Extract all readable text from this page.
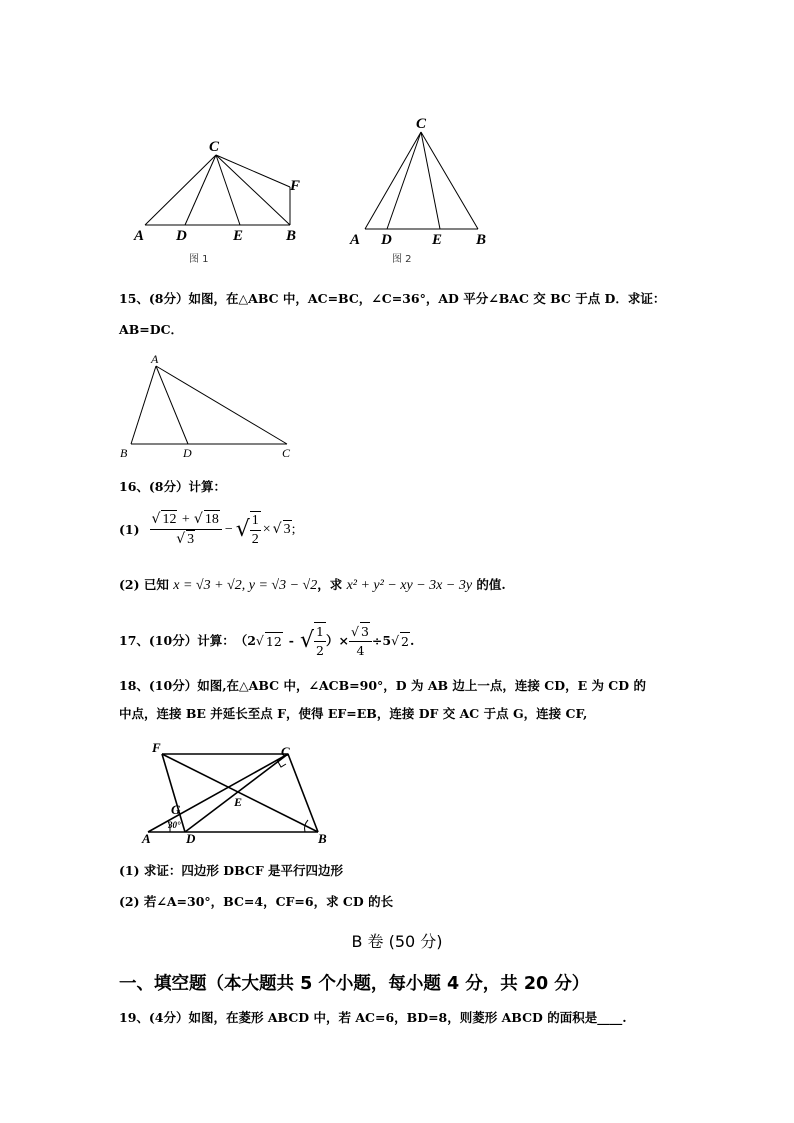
C
F
A D	E	B
图 1
C
A D	E B
图 2
15、(8分）如图，在△ABC 中，AC=BC，∠C=36°，AD 平分∠BAC 交 BC 于点 D．求证：
AB=DC．
A
B	D	C
16、(8分）计算：
$(1) \frac{√ 12 + √ 18}{√ 3}$ − √ $\frac{1}{2}$ × √ 3 ;
(2) 已知 x = √3 + √2, y = √3 − √2，求 x² + y² − xy − 3x − 3y 的值.
17、(10分）计算： （2 √ 12 - √ $\frac{1}{2}$ ）× $\frac{√ 3}{4} \div 5$ √ 2 .
18、(10分）如图,在△ABC 中，∠ACB=90°，D 为 AB 边上一点，连接 CD，E 为 CD 的
中点，连接 BE 并延长至点 F，使得 EF=EB，连接 DF 交 AC 于点 G，连接 CF,
F	C
E
G
30°
A	D	B
(1) 求证：四边形 DBCF 是平行四边形
(2) 若∠A=30°，BC=4，CF=6，求 CD 的长
B 卷 (50 分)
一、填空题（本大题共 5 个小题，每小题 4 分，共 20 分）
19、(4分）如图，在菱形 ABCD 中，若 AC=6，BD=8，则菱形 ABCD 的面积是____.
